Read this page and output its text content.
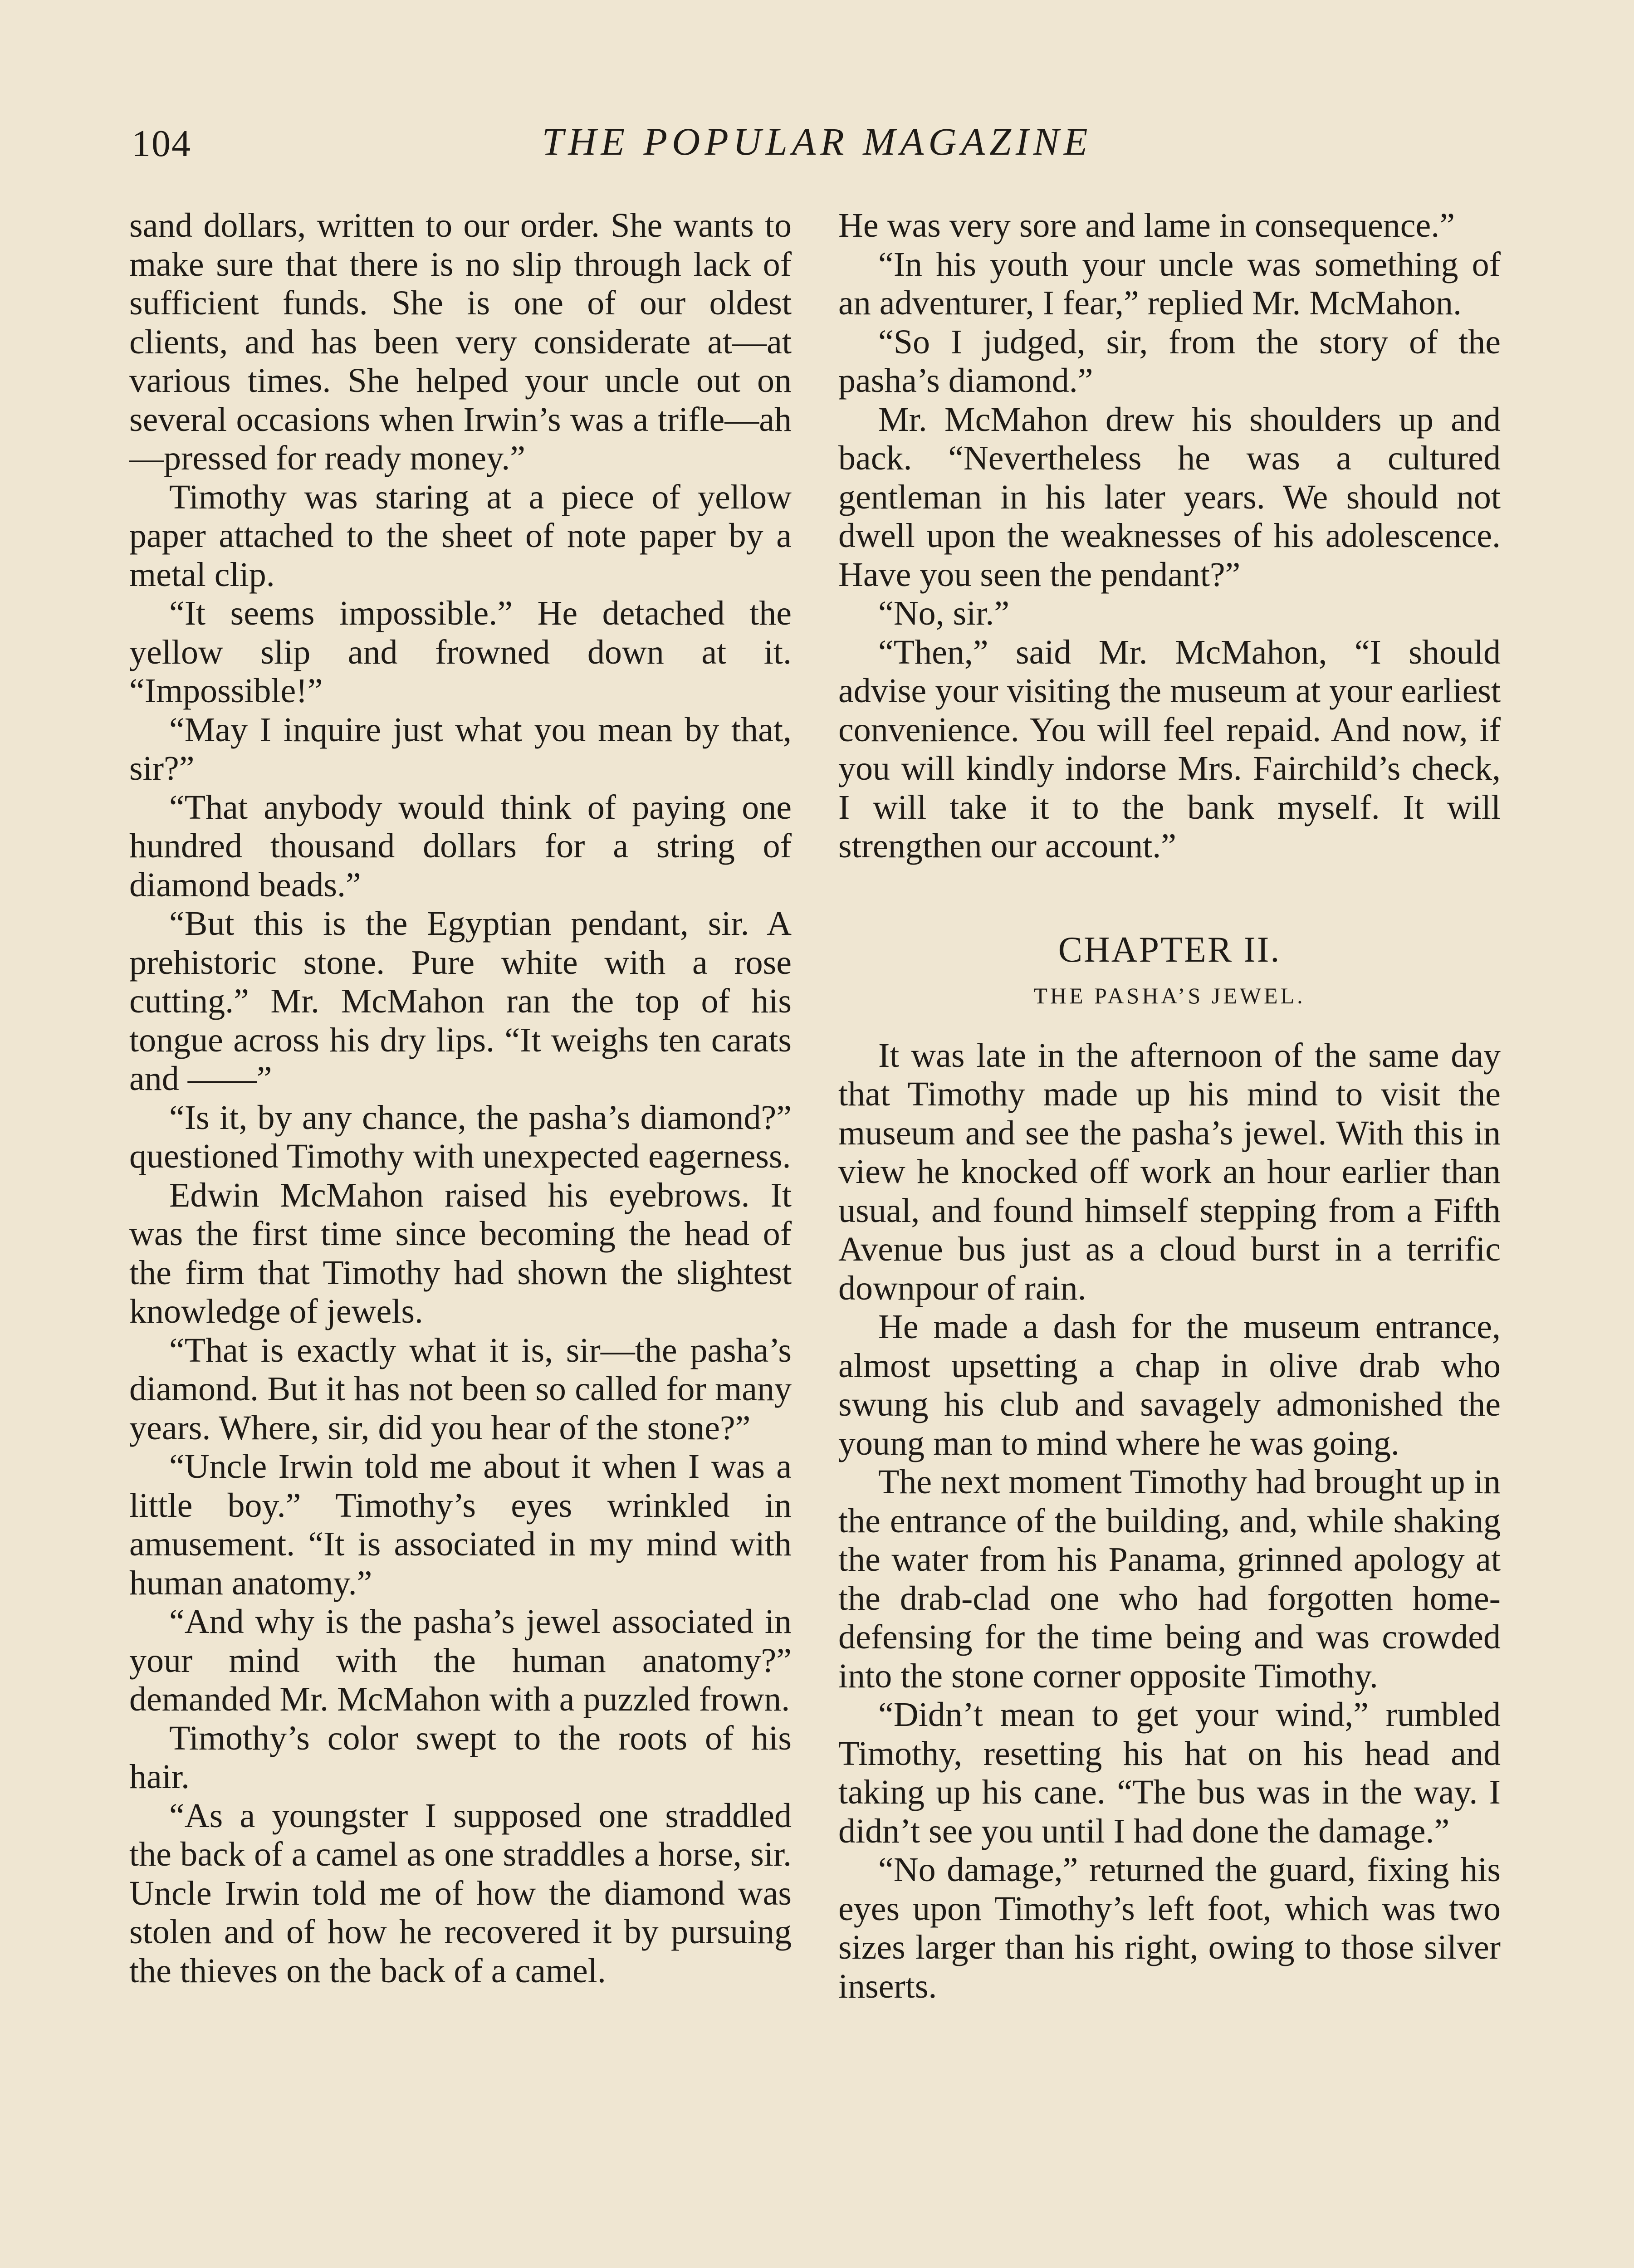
104	THE POPULAR MAGAZINE

sand dollars, written to our order. She wants to make sure that there is no slip through lack of sufficient funds. She is one of our oldest clients, and has been very considerate at—at various times. She helped your uncle out on several occasions when Irwin’s was a trifle—ah—pressed for ready money.”

Timothy was staring at a piece of yellow paper attached to the sheet of note paper by a metal clip.

“It seems impossible.” He detached the yellow slip and frowned down at it. “Impossible!”

“May I inquire just what you mean by that, sir?”

“That anybody would think of paying one hundred thousand dollars for a string of diamond beads.”

“But this is the Egyptian pendant, sir. A prehistoric stone. Pure white with a rose cutting.” Mr. McMahon ran the top of his tongue across his dry lips. “It weighs ten carats and ——”

“Is it, by any chance, the pasha’s diamond?” questioned Timothy with unexpected eagerness.

Edwin McMahon raised his eyebrows. It was the first time since becoming the head of the firm that Timothy had shown the slightest knowledge of jewels.

“That is exactly what it is, sir—the pasha’s diamond. But it has not been so called for many years. Where, sir, did you hear of the stone?”

“Uncle Irwin told me about it when I was a little boy.” Timothy’s eyes wrinkled in amusement. “It is associated in my mind with human anatomy.”

“And why is the pasha’s jewel associated in your mind with the human anatomy?” demanded Mr. McMahon with a puzzled frown.

Timothy’s color swept to the roots of his hair.

“As a youngster I supposed one straddled the back of a camel as one straddles a horse, sir. Uncle Irwin told me of how the diamond was stolen and of how he recovered it by pursuing the thieves on the back of a camel.

He was very sore and lame in consequence.”

“In his youth your uncle was something of an adventurer, I fear,” replied Mr. McMahon.

“So I judged, sir, from the story of the pasha’s diamond.”

Mr. McMahon drew his shoulders up and back. “Nevertheless he was a cultured gentleman in his later years. We should not dwell upon the weaknesses of his adolescence. Have you seen the pendant?”

“No, sir.”

“Then,” said Mr. McMahon, “I should advise your visiting the museum at your earliest convenience. You will feel repaid. And now, if you will kindly indorse Mrs. Fairchild’s check, I will take it to the bank myself. It will strengthen our account.”

CHAPTER II.
THE PASHA’S JEWEL.

It was late in the afternoon of the same day that Timothy made up his mind to visit the museum and see the pasha’s jewel. With this in view he knocked off work an hour earlier than usual, and found himself stepping from a Fifth Avenue bus just as a cloud burst in a terrific downpour of rain.

He made a dash for the museum entrance, almost upsetting a chap in olive drab who swung his club and savagely admonished the young man to mind where he was going.

The next moment Timothy had brought up in the entrance of the building, and, while shaking the water from his Panama, grinned apology at the drab-clad one who had forgotten home-defensing for the time being and was crowded into the stone corner opposite Timothy.

“Didn’t mean to get your wind,” rumbled Timothy, resetting his hat on his head and taking up his cane. “The bus was in the way. I didn’t see you until I had done the damage.”

“No damage,” returned the guard, fixing his eyes upon Timothy’s left foot, which was two sizes larger than his right, owing to those silver inserts.
